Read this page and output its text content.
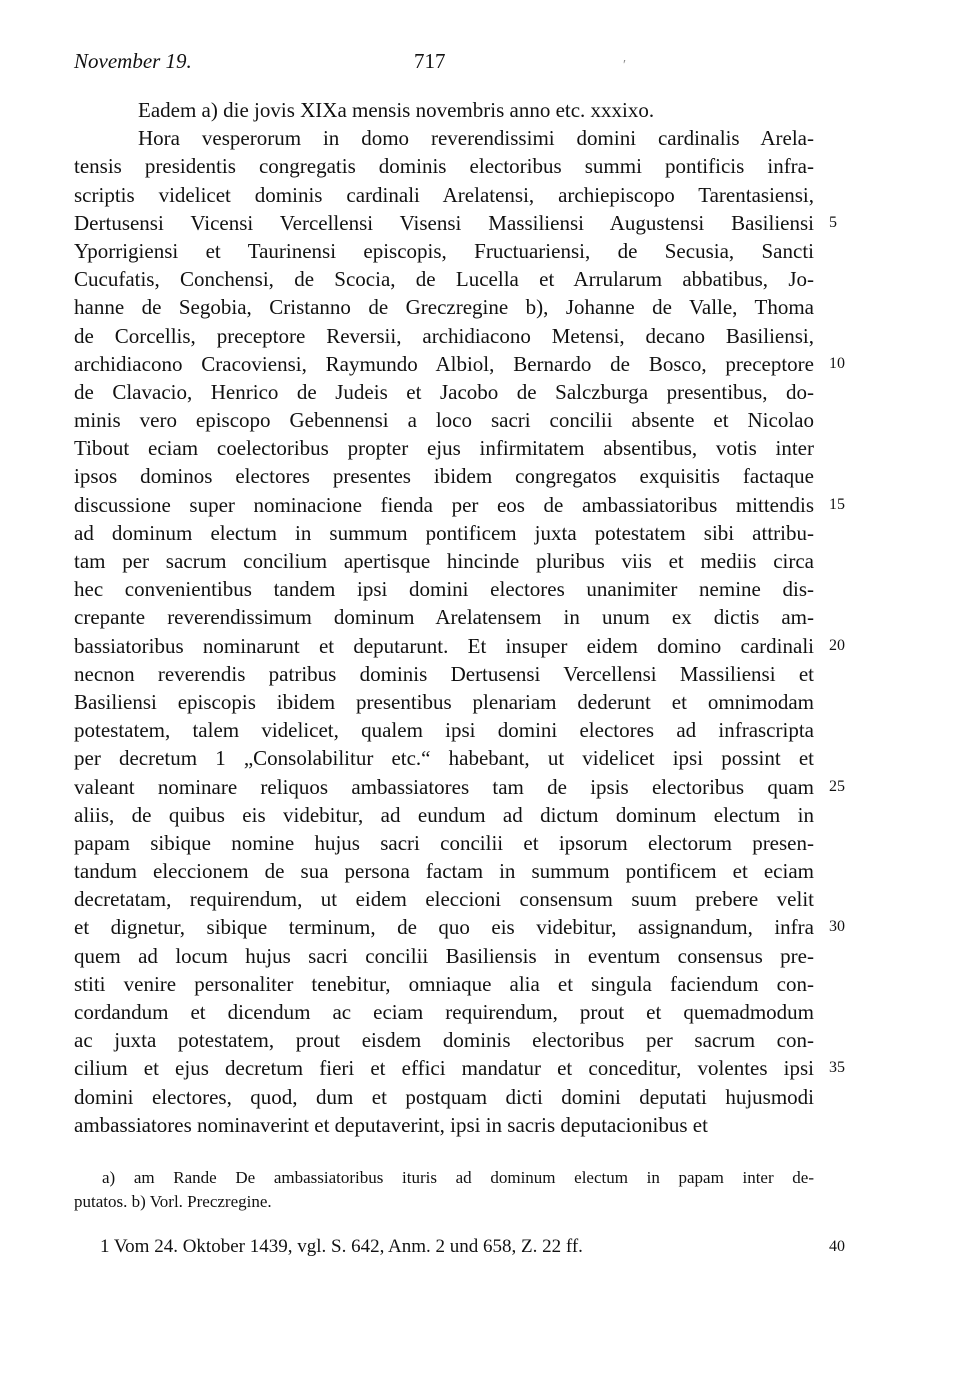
November 19.	717
Eadem a) die jovis XIXa mensis novembris anno etc. xxxixo.
Hora vesperorum in domo reverendissimi domini cardinalis Arela-
tensis presidentis congregatis dominis electoribus summi pontificis infra-
scriptis videlicet dominis cardinali Arelatensi, archiepiscopo Tarentasiensi,
Dertusensi Vicensi Vercellensi Visensi Massiliensi Augustensi Basiliensi 5
Yporrigiensi et Taurinensi episcopis, Fructuariensi, de Secusia, Sancti
Cucufatis, Conchensi, de Scocia, de Lucella et Arrularum abbatibus, Jo-
hanne de Segobia, Cristanno de Greczregine b), Johanne de Valle, Thoma
de Corcellis, preceptore Reversii, archidiacono Metensi, decano Basiliensi,
archidiacono Cracoviensi, Raymundo Albiol, Bernardo de Bosco, preceptore 10
de Clavacio, Henrico de Judeis et Jacobo de Salczburga presentibus, do-
minis vero episcopo Gebennensi a loco sacri concilii absente et Nicolao
Tibout eciam coelectoribus propter ejus infirmitatem absentibus, votis inter
ipsos dominos electores presentes ibidem congregatos exquisitis factaque
discussione super nominacione fienda per eos de ambassiatoribus mittendis 15
ad dominum electum in summum pontificem juxta potestatem sibi attribu-
tam per sacrum concilium apertisque hincinde pluribus viis et mediis circa
hec convenientibus tandem ipsi domini electores unanimiter nemine dis-
crepante reverendissimum dominum Arelatensem in unum ex dictis am-
bassiatoribus nominarunt et deputarunt. Et insuper eidem domino cardinali 20
necnon reverendis patribus dominis Dertusensi Vercellensi Massiliensi et
Basiliensi episcopis ibidem presentibus plenariam dederunt et omnimodam
potestatem, talem videlicet, qualem ipsi domini electores ad infrascripta
per decretum 1 „Consolabilitur etc.“ habebant, ut videlicet ipsi possint et
valeant nominare reliquos ambassiatores tam de ipsis electoribus quam 25
aliis, de quibus eis videbitur, ad eundum ad dictum dominum electum in
papam sibique nomine hujus sacri concilii et ipsorum electorum presen-
tandum eleccionem de sua persona factam in summum pontificem et eciam
decretatam, requirendum, ut eidem eleccioni consensum suum prebere velit
et dignetur, sibique terminum, de quo eis videbitur, assignandum, infra 30
quem ad locum hujus sacri concilii Basiliensis in eventum consensus pre-
stiti venire personaliter tenebitur, omniaque alia et singula faciendum con-
cordandum et dicendum ac eciam requirendum, prout et quemadmodum
ac juxta potestatem, prout eisdem dominis electoribus per sacrum con-
cilium et ejus decretum fieri et effici mandatur et conceditur, volentes ipsi 35
domini electores, quod, dum et postquam dicti domini deputati hujusmodi
ambassiatores nominaverint et deputaverint, ipsi in sacris deputacionibus et
a) am Rande De ambassiatoribus ituris ad dominum electum in papam inter de-
putatos. b) Vorl. Preczregine.
1 Vom 24. Oktober 1439, vgl. S. 642, Anm. 2 und 658, Z. 22 ff.	40
′
